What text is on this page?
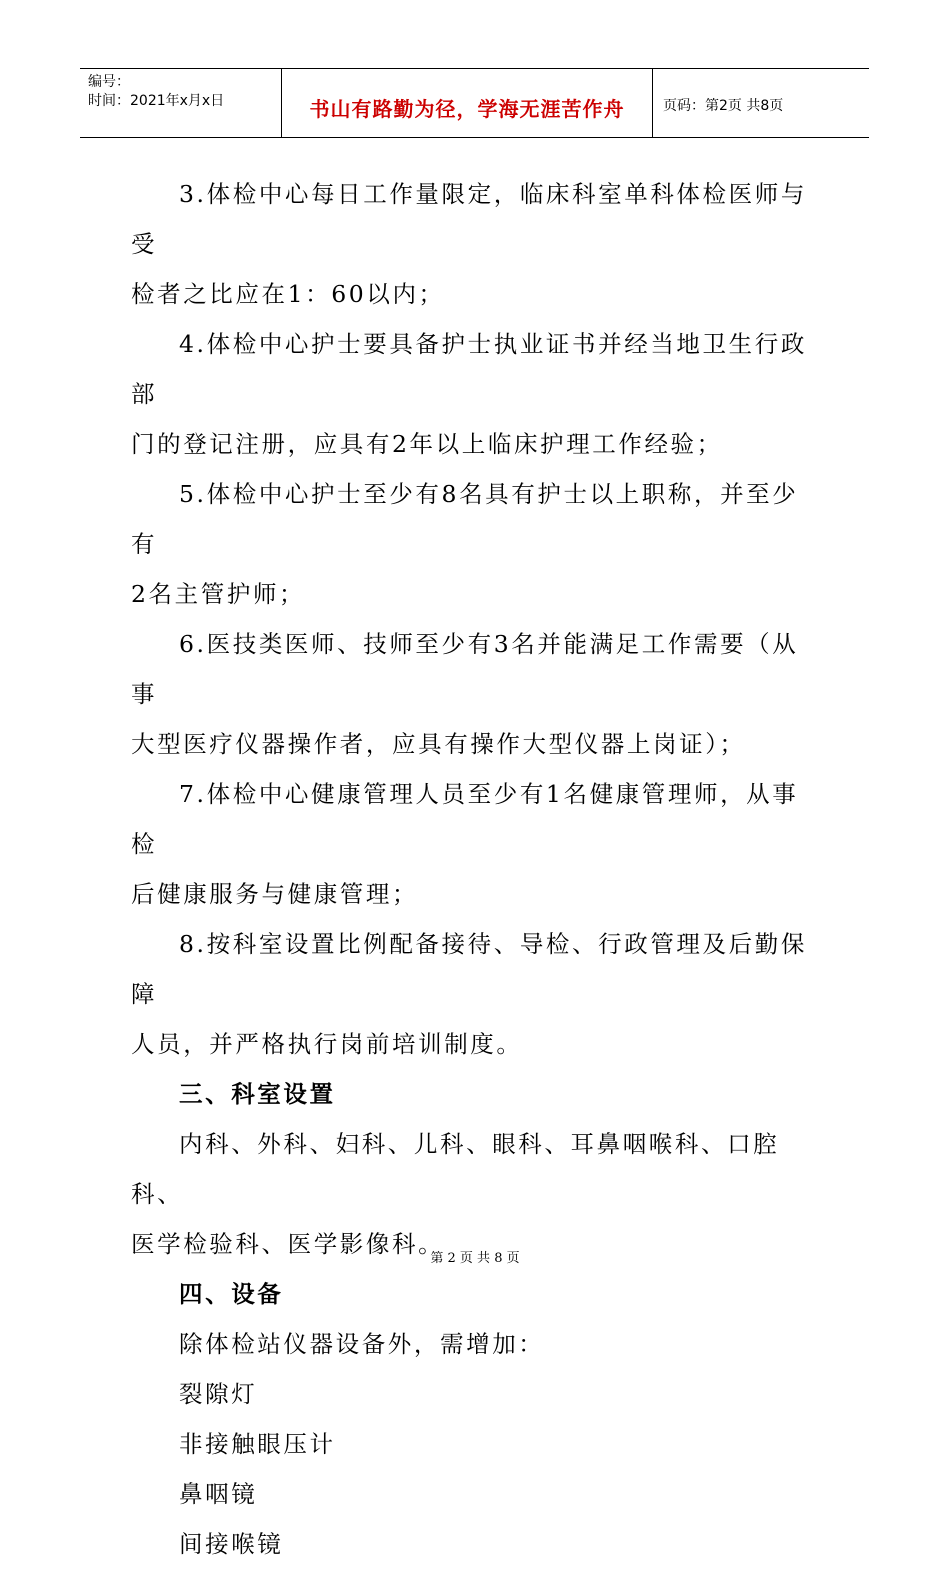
编号：
时间：2021年x月x日	书山有路勤为径，学海无涯苦作舟	页码：第2页 共8页

3.体检中心每日工作量限定，临床科室单科体检医师与受

检者之比应在1：60以内；

4.体检中心护士要具备护士执业证书并经当地卫生行政部

门的登记注册，应具有2年以上临床护理工作经验；

5.体检中心护士至少有8名具有护士以上职称，并至少有

2名主管护师；

6.医技类医师、技师至少有3名并能满足工作需要（从事

大型医疗仪器操作者，应具有操作大型仪器上岗证）；

7.体检中心健康管理人员至少有1名健康管理师，从事检

后健康服务与健康管理；

8.按科室设置比例配备接待、导检、行政管理及后勤保障

人员，并严格执行岗前培训制度。

三、科室设置

内科、外科、妇科、儿科、眼科、耳鼻咽喉科、口腔科、

医学检验科、医学影像科。

四、设备

除体检站仪器设备外，需增加：

裂隙灯

非接触眼压计

鼻咽镜

间接喉镜

第 2 页 共 8 页
